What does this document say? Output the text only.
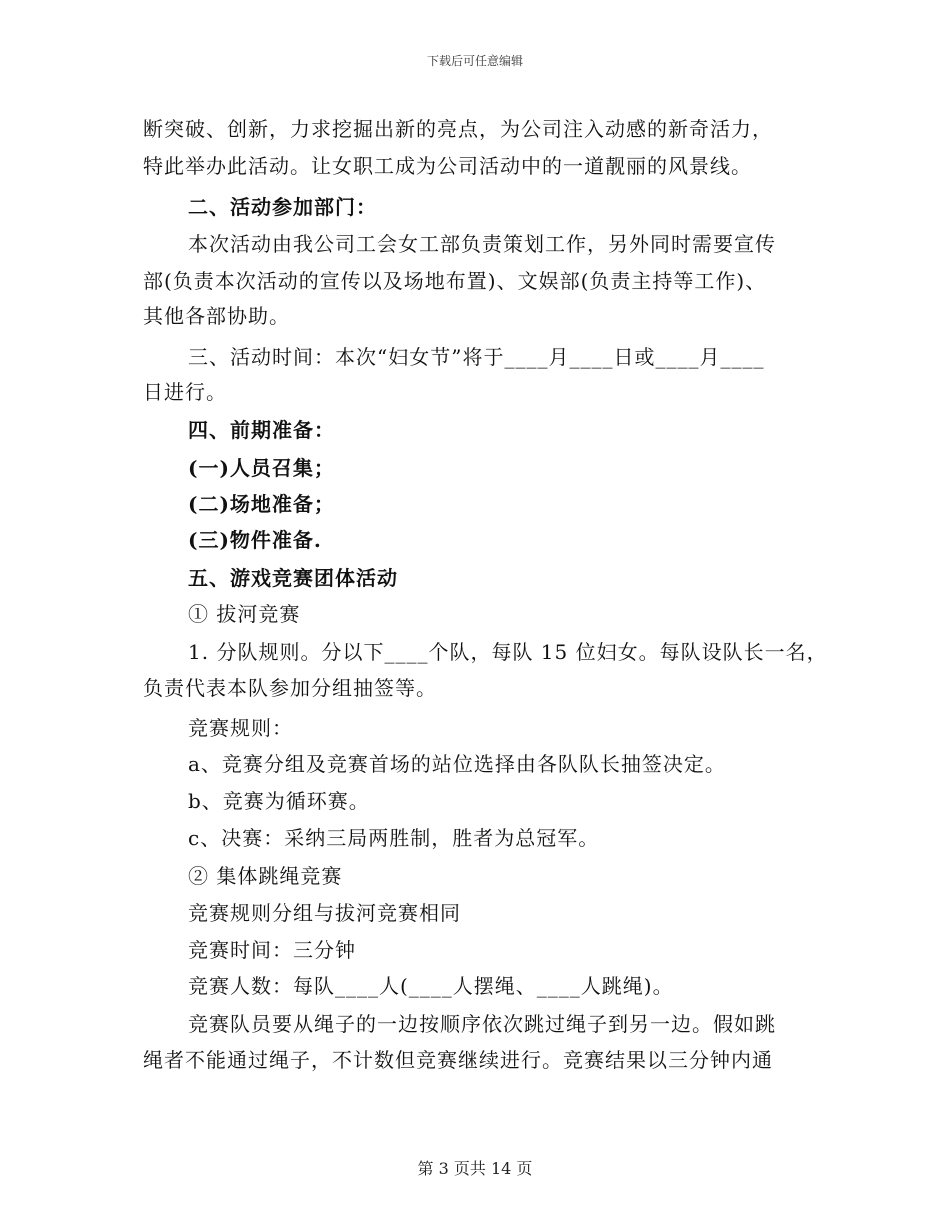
下载后可任意编辑
断突破、创新，力求挖掘出新的亮点，为公司注入动感的新奇活力，
特此举办此活动。让女职工成为公司活动中的一道靓丽的风景线。
二、活动参加部门：
本次活动由我公司工会女工部负责策划工作，另外同时需要宣传
部(负责本次活动的宣传以及场地布置)、文娱部(负责主持等工作)、
其他各部协助。
三、活动时间：本次“妇女节”将于____月____日或____月____
日进行。
四、前期准备：
(一)人员召集；
(二)场地准备；
(三)物件准备.
五、游戏竞赛团体活动
① 拔河竞赛
1. 分队规则。分以下____个队，每队 15 位妇女。每队设队长一名，
负责代表本队参加分组抽签等。
竞赛规则：
a、竞赛分组及竞赛首场的站位选择由各队队长抽签决定。
b、竞赛为循环赛。
c、决赛：采纳三局两胜制，胜者为总冠军。
② 集体跳绳竞赛
竞赛规则分组与拔河竞赛相同
竞赛时间：三分钟
竞赛人数：每队____人(____人摆绳、____人跳绳)。
竞赛队员要从绳子的一边按顺序依次跳过绳子到另一边。假如跳
绳者不能通过绳子，不计数但竞赛继续进行。竞赛结果以三分钟内通
第 3 页共 14 页
